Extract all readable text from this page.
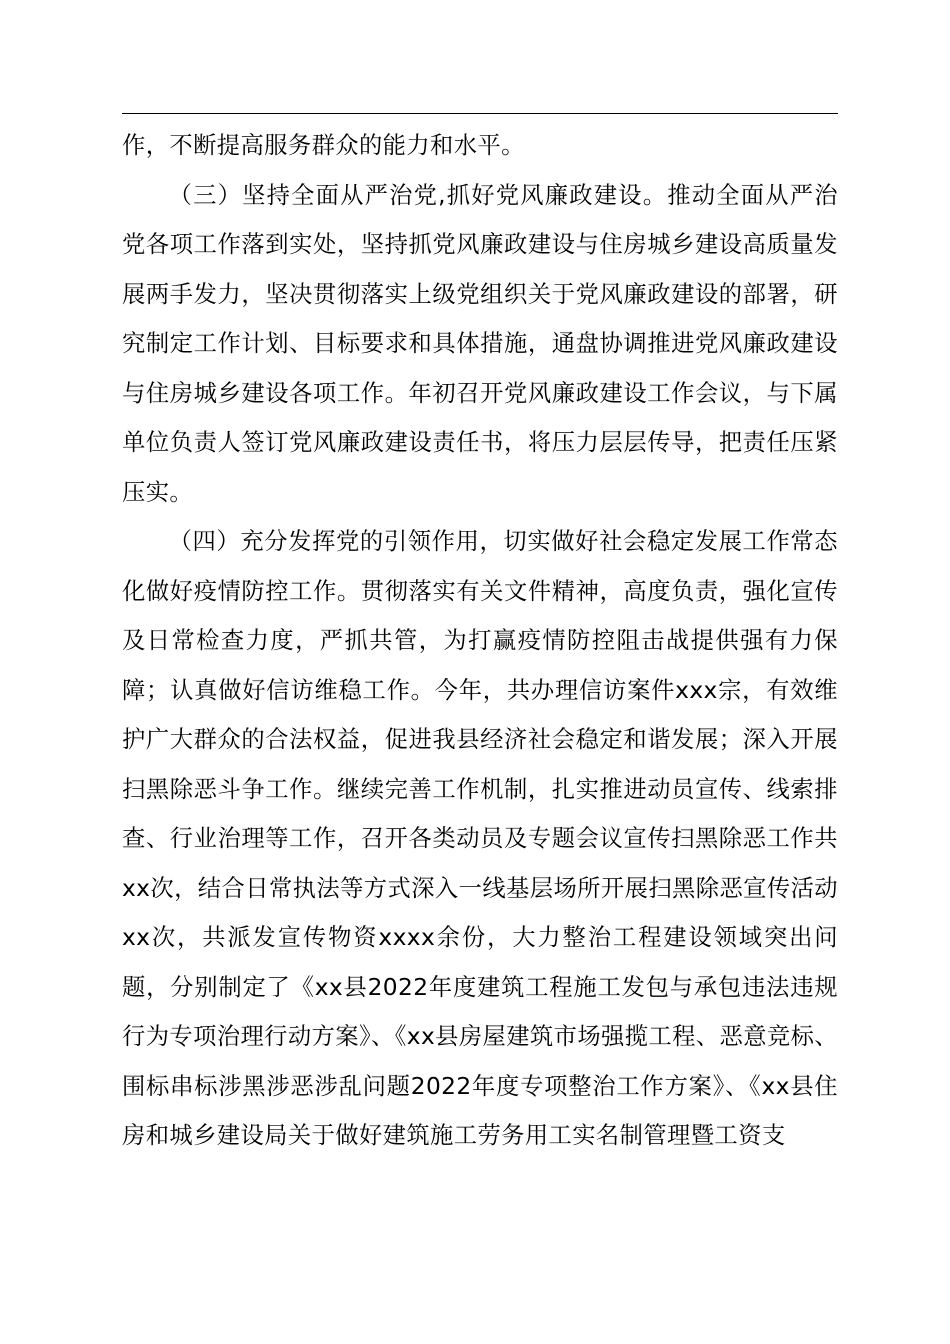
作，不断提高服务群众的能力和水平。

（三）坚持全面从严治党,抓好党风廉政建设。推动全面从严治党各项工作落到实处，坚持抓党风廉政建设与住房城乡建设高质量发展两手发力，坚决贯彻落实上级党组织关于党风廉政建设的部署，研究制定工作计划、目标要求和具体措施，通盘协调推进党风廉政建设与住房城乡建设各项工作。年初召开党风廉政建设工作会议，与下属单位负责人签订党风廉政建设责任书，将压力层层传导，把责任压紧压实。

（四）充分发挥党的引领作用，切实做好社会稳定发展工作常态化做好疫情防控工作。贯彻落实有关文件精神，高度负责，强化宣传及日常检查力度，严抓共管，为打赢疫情防控阻击战提供强有力保障；认真做好信访维稳工作。今年，共办理信访案件xxx宗，有效维护广大群众的合法权益，促进我县经济社会稳定和谐发展；深入开展扫黑除恶斗争工作。继续完善工作机制，扎实推进动员宣传、线索排查、行业治理等工作，召开各类动员及专题会议宣传扫黑除恶工作共xx次，结合日常执法等方式深入一线基层场所开展扫黑除恶宣传活动xx次，共派发宣传物资xxxx余份，大力整治工程建设领域突出问题，分别制定了《xx县2022年度建筑工程施工发包与承包违法违规行为专项治理行动方案》、《xx县房屋建筑市场强揽工程、恶意竞标、围标串标涉黑涉恶涉乱问题2022年度专项整治工作方案》、《xx县住房和城乡建设局关于做好建筑施工劳务用工实名制管理暨工资支
